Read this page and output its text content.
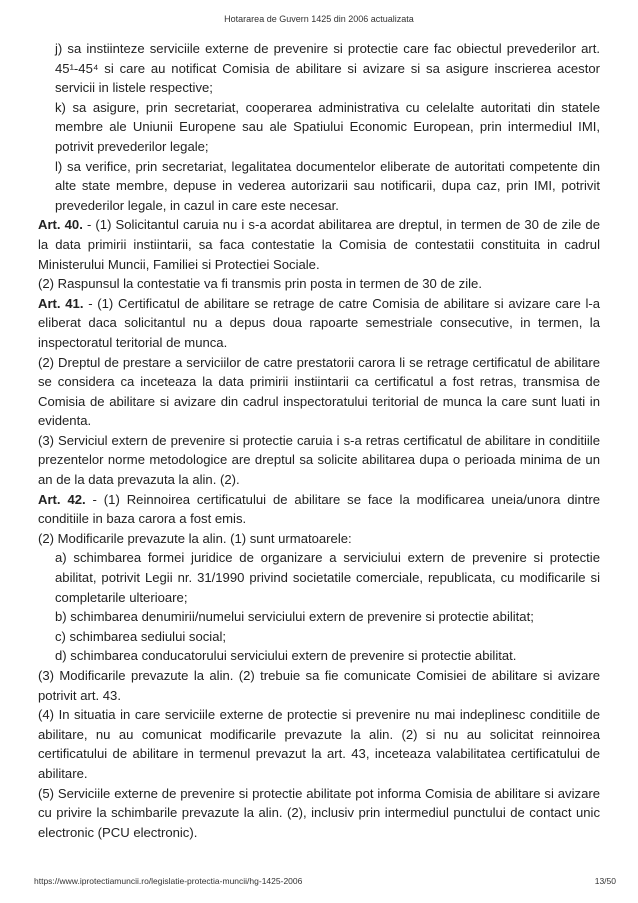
Hotararea de Guvern 1425 din 2006 actualizata

j) sa instiinteze serviciile externe de prevenire si protectie care fac obiectul prevederilor art. 45¹-45⁴ si care au notificat Comisia de abilitare si avizare si sa asigure inscrierea acestor servicii in listele respective;

k) sa asigure, prin secretariat, cooperarea administrativa cu celelalte autoritati din statele membre ale Uniunii Europene sau ale Spatiului Economic European, prin intermediul IMI, potrivit prevederilor legale;

l) sa verifice, prin secretariat, legalitatea documentelor eliberate de autoritati competente din alte state membre, depuse in vederea autorizarii sau notificarii, dupa caz, prin IMI, potrivit prevederilor legale, in cazul in care este necesar.

Art. 40. - (1) Solicitantul caruia nu i s-a acordat abilitarea are dreptul, in termen de 30 de zile de la data primirii instiintarii, sa faca contestatie la Comisia de contestatii constituita in cadrul Ministerului Muncii, Familiei si Protectiei Sociale.

(2) Raspunsul la contestatie va fi transmis prin posta in termen de 30 de zile.

Art. 41. - (1) Certificatul de abilitare se retrage de catre Comisia de abilitare si avizare care l-a eliberat daca solicitantul nu a depus doua rapoarte semestriale consecutive, in termen, la inspectoratul teritorial de munca.

(2) Dreptul de prestare a serviciilor de catre prestatorii carora li se retrage certificatul de abilitare se considera ca inceteaza la data primirii instiintarii ca certificatul a fost retras, transmisa de Comisia de abilitare si avizare din cadrul inspectoratului teritorial de munca la care sunt luati in evidenta.

(3) Serviciul extern de prevenire si protectie caruia i s-a retras certificatul de abilitare in conditiile prezentelor norme metodologice are dreptul sa solicite abilitarea dupa o perioada minima de un an de la data prevazuta la alin. (2).

Art. 42. - (1) Reinnoirea certificatului de abilitare se face la modificarea uneia/unora dintre conditiile in baza carora a fost emis.

(2) Modificarile prevazute la alin. (1) sunt urmatoarele:

a) schimbarea formei juridice de organizare a serviciului extern de prevenire si protectie abilitat, potrivit Legii nr. 31/1990 privind societatile comerciale, republicata, cu modificarile si completarile ulterioare;

b) schimbarea denumirii/numelui serviciului extern de prevenire si protectie abilitat;

c) schimbarea sediului social;

d) schimbarea conducatorului serviciului extern de prevenire si protectie abilitat.

(3) Modificarile prevazute la alin. (2) trebuie sa fie comunicate Comisiei de abilitare si avizare potrivit art. 43.

(4) In situatia in care serviciile externe de protectie si prevenire nu mai indeplinesc conditiile de abilitare, nu au comunicat modificarile prevazute la alin. (2) si nu au solicitat reinnoirea certificatului de abilitare in termenul prevazut la art. 43, inceteaza valabilitatea certificatului de abilitare.

(5) Serviciile externe de prevenire si protectie abilitate pot informa Comisia de abilitare si avizare cu privire la schimbarile prevazute la alin. (2), inclusiv prin intermediul punctului de contact unic electronic (PCU electronic).

https://www.iprotectiamuncii.ro/legislatie-protectia-muncii/hg-1425-2006	13/50
